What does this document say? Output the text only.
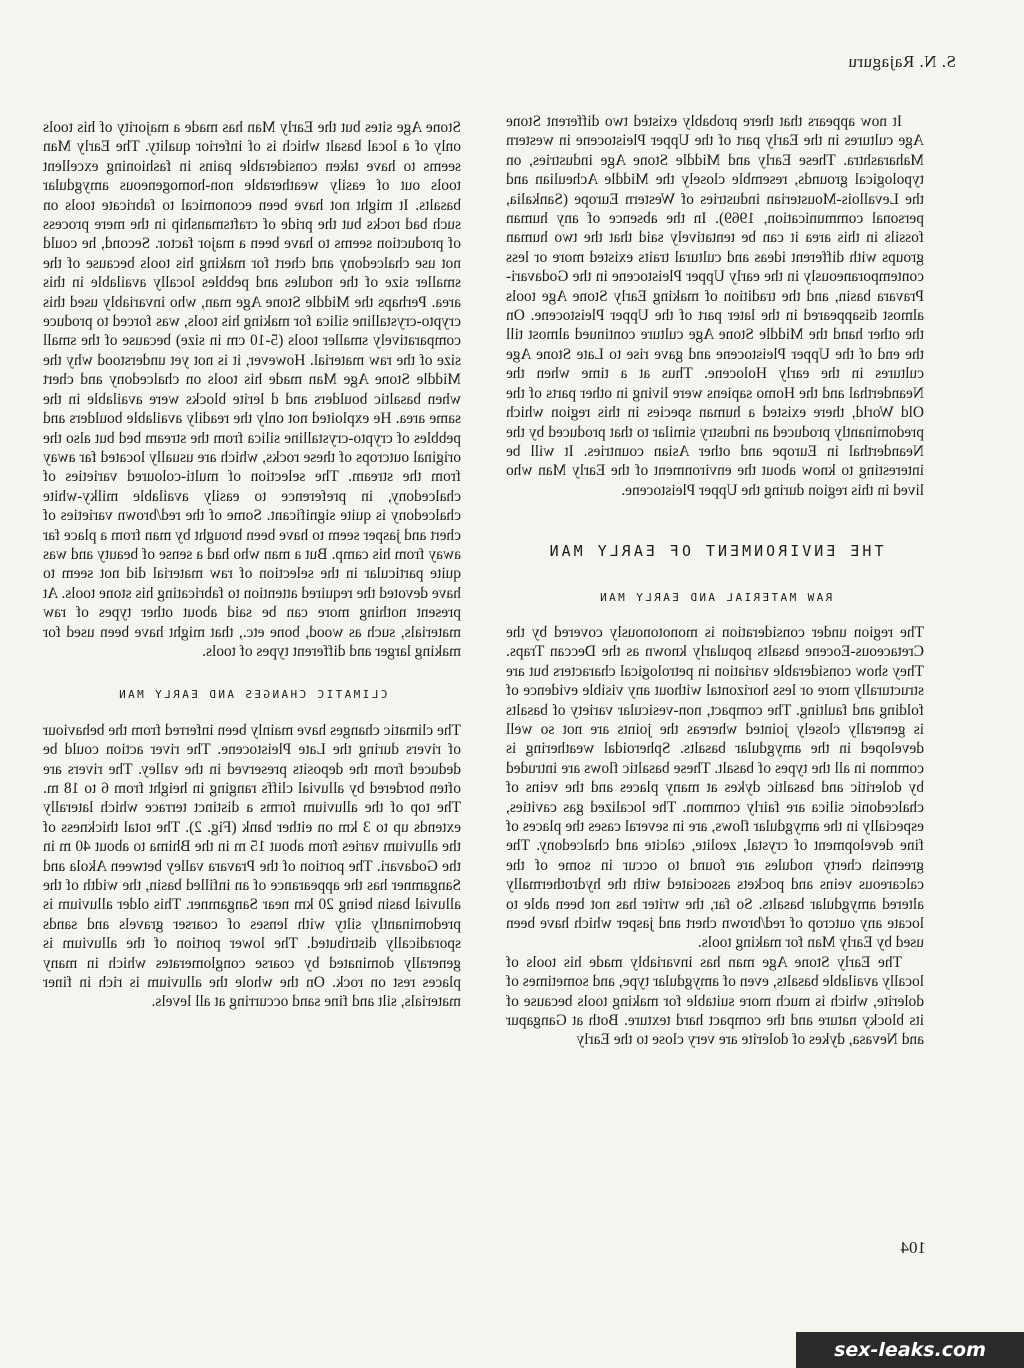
S. N. Rajaguru

It now appears that there probably existed two different Stone Age cultures in the Early part of the Upper Pleistocene in western Maharashtra. These Early and Middle Stone Age industries, on typological grounds, resemble closely the Middle Acheulian and the Levallois-Mousterian industries of Western Europe (Sankalia, personal communication, 1969). In the absence of any human fossils in this area it can be tentatively said that the two human groups with different ideas and cultural traits existed more or less contemporaneously in the early Upper Pleistocene in the Godavari-Pravara basin, and the tradition of making Early Stone Age tools almost disappeared in the later part of the Upper Pleistocene. On the other hand the Middle Stone Age culture continued almost till the end of the Upper Pleistocene and gave rise to Late Stone Age cultures in the early Holocene. Thus at a time when the Neanderthal and the Homo sapiens were living in other parts of the Old World, there existed a human species in this region which predominantly produced an industry similar to that produced by the Neanderthal in Europe and other Asian countries. It will be interesting to know about the environment of the Early Man who lived in this region during the Upper Pleistocene.

THE ENVIRONMENT OF EARLY MAN
RAW MATERIAL AND EARLY MAN

The region under consideration is monotonously covered by the Cretaceous-Eocene basalts popularly known as the Deccan Traps. They show considerable variation in petrological characters but are structurally more or less horizontal without any visible evidence of folding and faulting. The compact, non-vesicular variety of basalts is generally closely jointed whereas the joints are not so well developed in the amygdular basalts. Spheroidal weathering is common in all the types of basalt. These basaltic flows are intruded by doleritic and basaltic dykes at many places and the veins of chalcedonic silica are fairly common. The localized gas cavities, especially in the amygdular flows, are in several cases the places of fine development of crystal, zeolite, calcite and chalcedony. The greenish cherty nodules are found to occur in some of the calcareous veins and pockets associated with the hydrothermally altered amygdular basalts. So far, the writer has not been able to locate any outcrop of red/brown chert and jasper which have been used by Early Man for making tools.

The Early Stone Age man has invariably made his tools of locally available basalts, even of amygdular type, and sometimes of dolerite, which is much more suitable for making tools because of its blocky nature and the compact hard texture. Both at Gangapur and Nevasa, dykes of dolerite are very close to the Early

Stone Age sites but the Early Man has made a majority of his tools only of a local basalt which is of inferior quality. The Early Man seems to have taken considerable pains in fashioning excellent tools out of easily weatherable non-homogeneous amygdular basalts. It might not have been economical to fabricate tools on such bad rocks but the pride of craftsmanship in the mere process of production seems to have been a major factor. Second, he could not use chalcedony and chert for making his tools because of the smaller size of the nodules and pebbles locally available in this area. Perhaps the Middle Stone Age man, who invariably used this crypto-crystalline silica for making his tools, was forced to produce comparatively smaller tools (5-10 cm in size) because of the small size of the raw material. However, it is not yet understood why the Middle Stone Age Man made his tools on chalcedony and chert when basaltic boulders and d lerite blocks were available in the same area. He exploited not only the readily available boulders and pebbles of crypto-crystalline silica from the stream bed but also the original outcrops of these rocks, which are usually located far away from the stream. The selection of multi-coloured varieties of chalcedony, in preference to easily available milky-white chalcedony is quite significant. Some of the red/brown varieties of chert and jasper seem to have been brought by man from a place far away from his camp. But a man who had a sense of beauty and was quite particular in the selection of raw material did not seem to have devoted the required attention to fabricating his stone tools. At present nothing more can be said about other types of raw materials, such as wood, bone etc., that might have been used for making larger and different types of tools.

CLIMATIC CHANGES AND EARLY MAN

The climatic changes have mainly been inferred from the behaviour of rivers during the Late Pleistocene. The river action could be deduced from the deposits preserved in the valley. The rivers are often bordered by alluvial cliffs ranging in height from 6 to 18 m. The top of the alluvium forms a distinct terrace which laterally extends up to 3 km on either bank (Fig. 2). The total thickness of the alluvium varies from about 15 m in the Bhima to about 40 m in the Godavari. The portion of the Pravara valley between Akola and Sangamner has the appearance of an infilled basin, the width of the alluvial basin being 20 km near Sangamner. This older alluvium is predominantly silty with lenses of coarser gravels and sands sporadically distributed. The lower portion of the alluvium is generally dominated by coarse conglomerates which in many places rest on rock. On the whole the alluvium is rich in finer materials, silt and fine sand occurring at all levels.

104
sex-leaks.com
